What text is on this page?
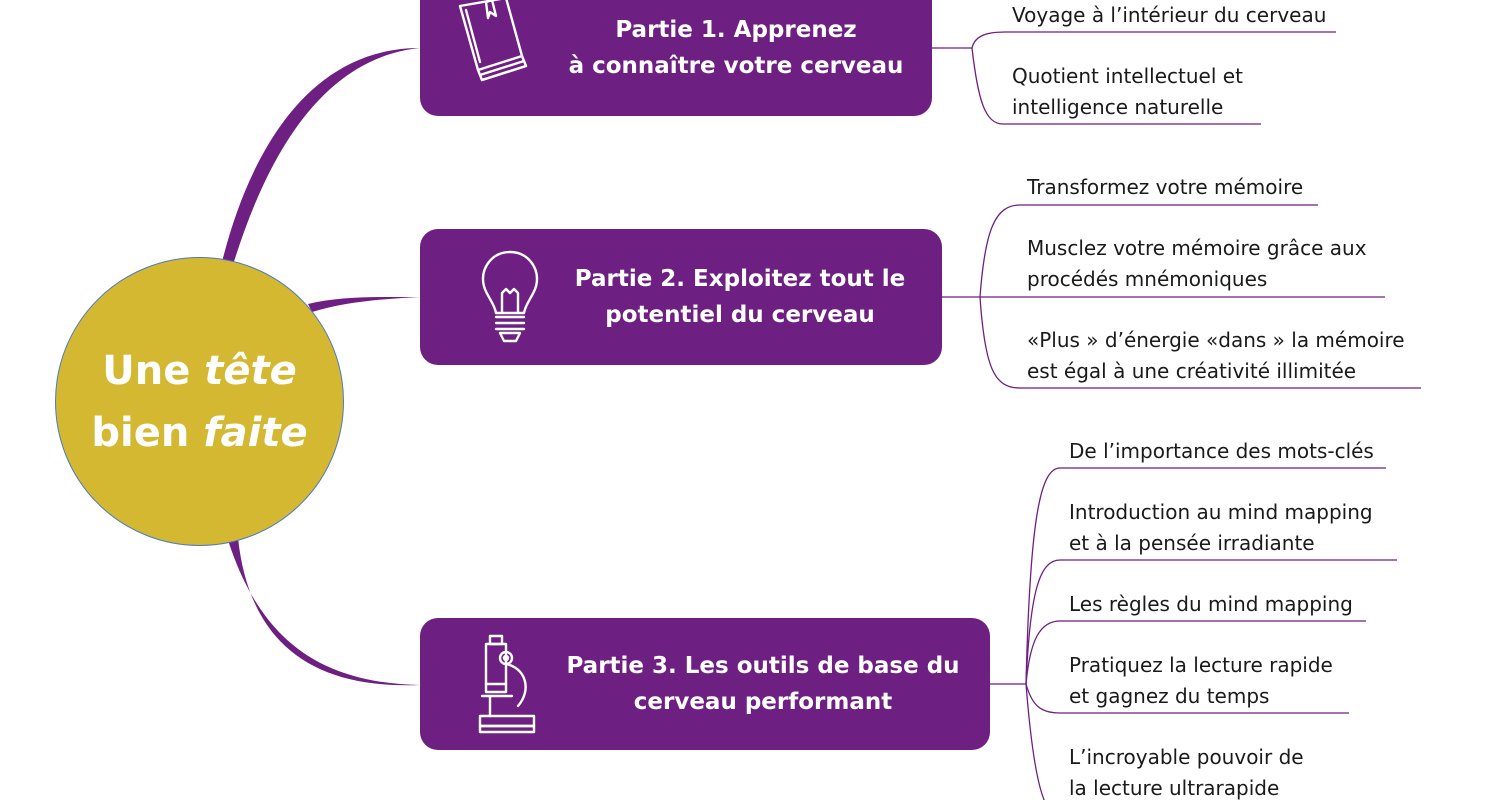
Une tête
bien faite
Partie 1. Apprenez
à connaître votre cerveau
Partie 2. Exploitez tout le
potentiel du cerveau
Partie 3. Les outils de base du
cerveau performant
Voyage à l’intérieur du cerveau
Quotient intellectuel et
intelligence naturelle
Transformez votre mémoire
Musclez votre mémoire grâce aux
procédés mnémoniques
«Plus » d’énergie «dans » la mémoire
est égal à une créativité illimitée
De l’importance des mots-clés
Introduction au mind mapping
et à la pensée irradiante
Les règles du mind mapping
Pratiquez la lecture rapide
et gagnez du temps
L’incroyable pouvoir de
la lecture ultrarapide
